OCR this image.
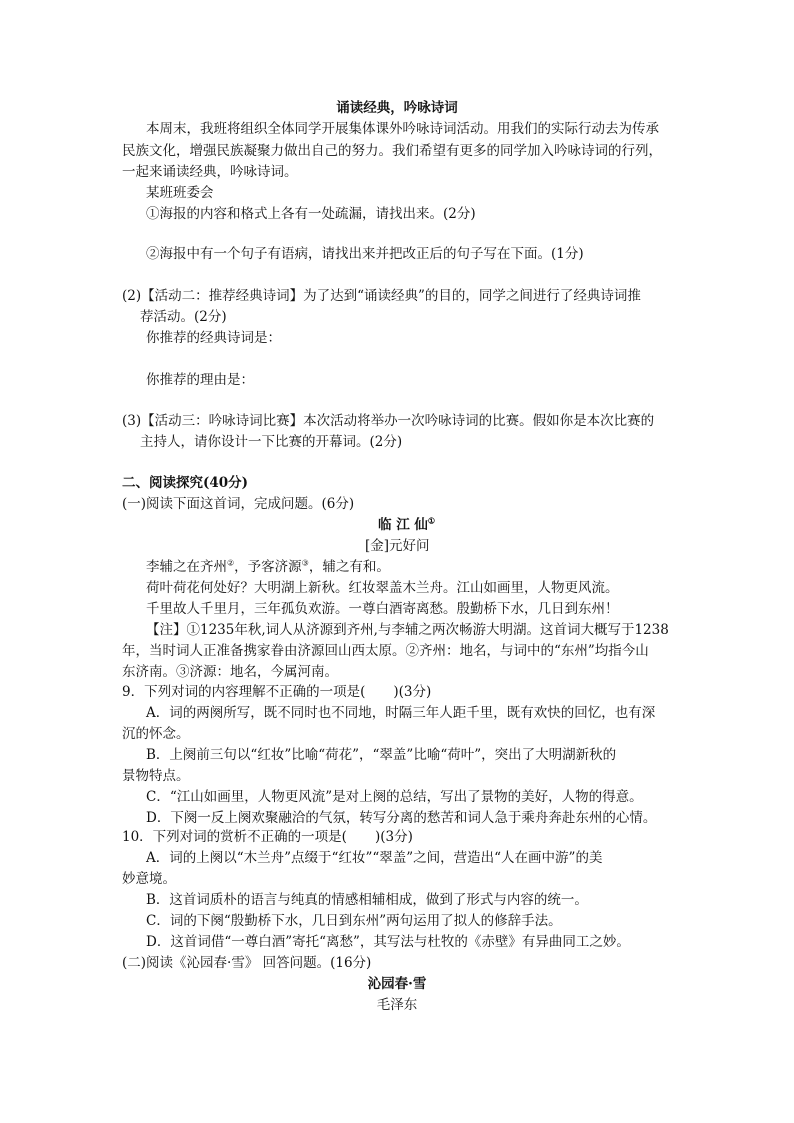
诵读经典，吟咏诗词
本周末，我班将组织全体同学开展集体课外吟咏诗词活动。用我们的实际行动去为传承
民族文化，增强民族凝聚力做出自己的努力。我们希望有更多的同学加入吟咏诗词的行列，
一起来诵读经典，吟咏诗词。
某班班委会
①海报的内容和格式上各有一处疏漏，请找出来。(2分)
②海报中有一个句子有语病，请找出来并把改正后的句子写在下面。(1分)
(2)【活动二：推荐经典诗词】为了达到“诵读经典”的目的，同学之间进行了经典诗词推
荐活动。(2分)
你推荐的经典诗词是：
你推荐的理由是：
(3)【活动三：吟咏诗词比赛】本次活动将举办一次吟咏诗词的比赛。假如你是本次比赛的
主持人，请你设计一下比赛的开幕词。(2分)
二、阅读探究(40分)
(一)阅读下面这首词，完成问题。(6分)
临 江 仙①
[金]元好问
李辅之在齐州②，予客济源③，辅之有和。
荷叶荷花何处好？大明湖上新秋。红妆翠盖木兰舟。江山如画里，人物更风流。
千里故人千里月，三年孤负欢游。一尊白酒寄离愁。殷勤桥下水，几日到东州！
【注】①1235年秋,词人从济源到齐州,与李辅之两次畅游大明湖。这首词大概写于1238
年，当时词人正准备携家眷由济源回山西太原。②齐州：地名，与词中的“东州”均指今山
东济南。③济源：地名，今属河南。
9．下列对词的内容理解不正确的一项是( )(3分)
A．词的两阕所写，既不同时也不同地，时隔三年人距千里，既有欢快的回忆，也有深
沉的怀念。
B．上阕前三句以“红妆”比喻“荷花”，“翠盖”比喻“荷叶”，突出了大明湖新秋的
景物特点。
C．“江山如画里，人物更风流”是对上阕的总结，写出了景物的美好，人物的得意。
D．下阕一反上阕欢聚融洽的气氛，转写分离的愁苦和词人急于乘舟奔赴东州的心情。
10．下列对词的赏析不正确的一项是( )(3分)
A．词的上阕以“木兰舟”点缀于“红妆”“翠盖”之间，营造出“人在画中游”的美
妙意境。
B．这首词质朴的语言与纯真的情感相辅相成，做到了形式与内容的统一。
C．词的下阕“殷勤桥下水，几日到东州”两句运用了拟人的修辞手法。
D．这首词借“一尊白酒”寄托“离愁”，其写法与杜牧的《赤壁》有异曲同工之妙。
(二)阅读《沁园春·雪》 回答问题。(16分)
沁园春·雪
毛泽东
